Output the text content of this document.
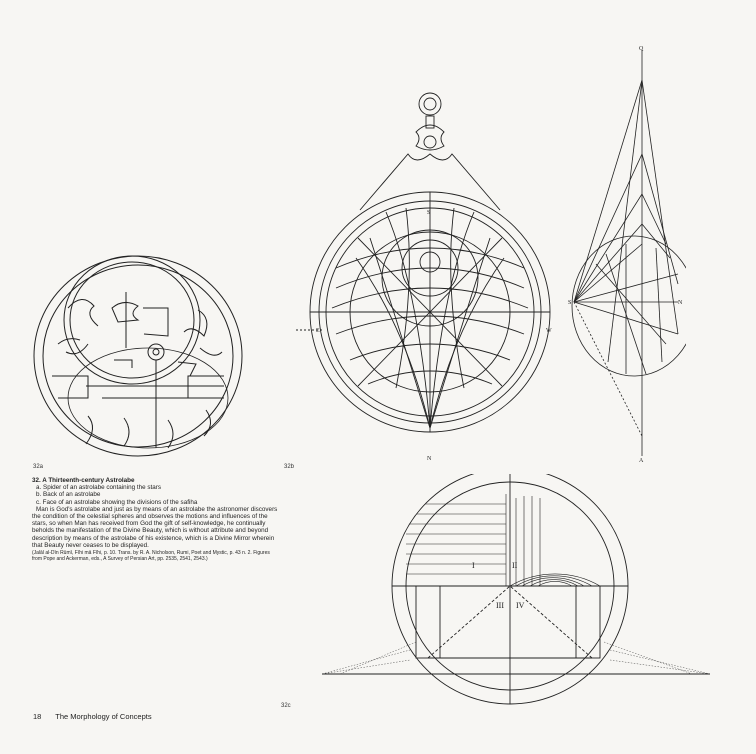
32a
S
N
E	W
Q
S	N
A
32b
I	II
III IV
32c
32. A Thirteenth-century Astrolabe
a. Spider of an astrolabe containing the stars
b. Back of an astrolabe
c. Face of an astrolabe showing the divisions of the safiha
Man is God's astrolabe and just as by means of an astrolabe the astronomer discovers the condition of the celestial spheres and observes the motions and influences of the stars, so when Man has received from God the gift of self-knowledge, he continually beholds the manifestation of the Divine Beauty, which is without attribute and beyond description by means of the astrolabe of his existence, which is a Divine Mirror wherein that Beauty never ceases to be displayed.
(Jalāl al-Dīn Rūmī, Fīhi mā Fīhi, p. 10. Trans. by R. A. Nicholson, Rumi, Poet and Mystic, p. 43 n. 2. Figures from Pope and Ackerman, eds., A Survey of Persian Art, pp. 2535, 2541, 2543.)
18 The Morphology of Concepts
